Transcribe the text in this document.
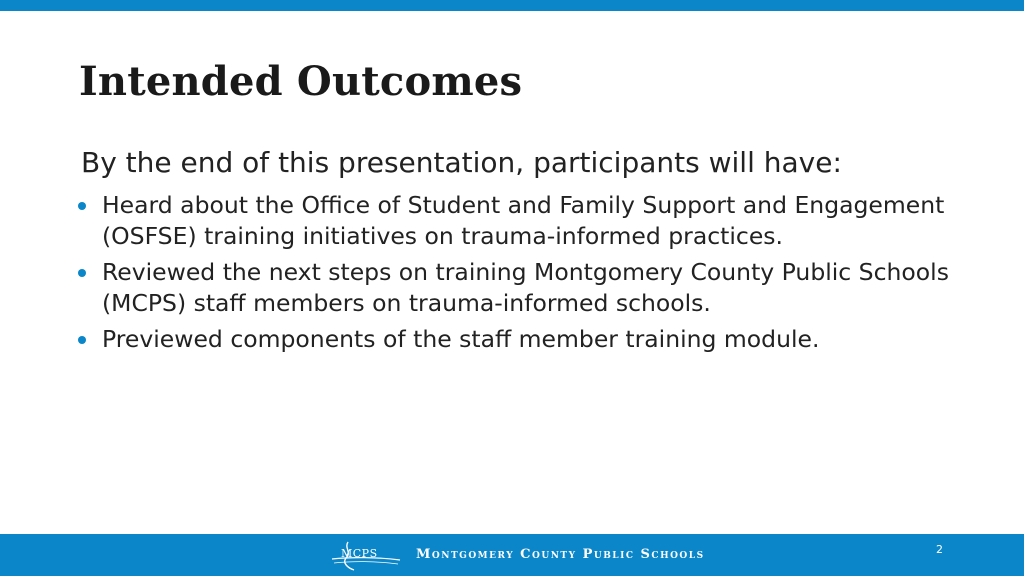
Intended Outcomes
By the end of this presentation, participants will have:
Heard about the Office of Student and Family Support and Engagement (OSFSE) training initiatives on trauma-informed practices.
Reviewed the next steps on training Montgomery County Public Schools (MCPS) staff members on trauma-informed schools.
Previewed components of the staff member training module.
MCPS	Montgomery County Public Schools	2
